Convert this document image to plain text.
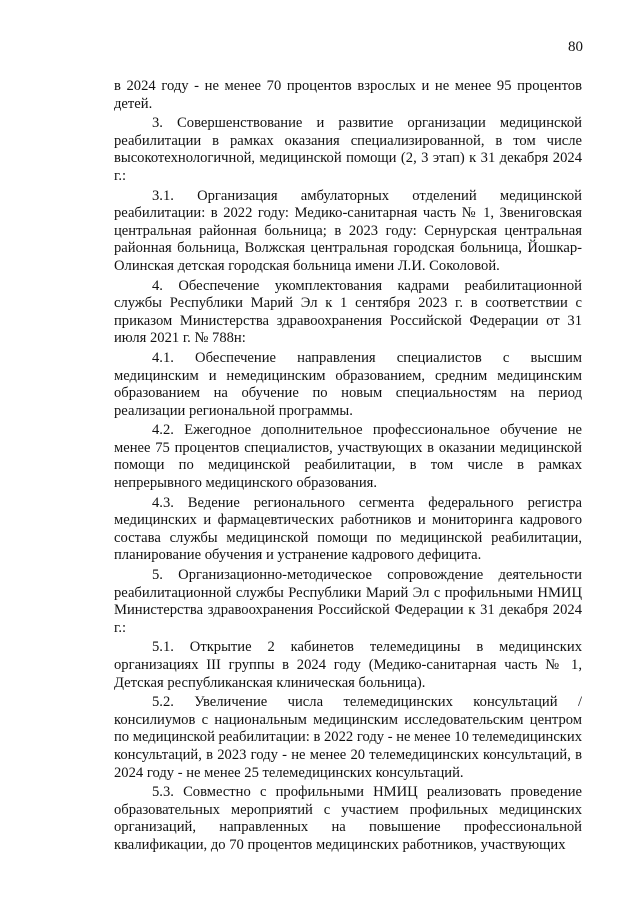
80

в 2024 году - не менее 70 процентов взрослых и не менее 95 процентов детей.

3. Совершенствование и развитие организации медицинской реабилитации в рамках оказания специализированной, в том числе высокотехнологичной, медицинской помощи (2, 3 этап) к 31 декабря 2024 г.:

3.1. Организация амбулаторных отделений медицинской реабилитации: в 2022 году: Медико-санитарная часть № 1, Звениговская центральная районная больница; в 2023 году: Сернурская центральная районная больница, Волжская центральная городская больница, Йошкар-Олинская детская городская больница имени Л.И. Соколовой.

4. Обеспечение укомплектования кадрами реабилитационной службы Республики Марий Эл к 1 сентября 2023 г. в соответствии с приказом Министерства здравоохранения Российской Федерации от 31 июля 2021 г. № 788н:

4.1. Обеспечение направления специалистов с высшим медицинским и немедицинским образованием, средним медицинским образованием на обучение по новым специальностям на период реализации региональной программы.

4.2. Ежегодное дополнительное профессиональное обучение не менее 75 процентов специалистов, участвующих в оказании медицинской помощи по медицинской реабилитации, в том числе в рамках непрерывного медицинского образования.

4.3. Ведение регионального сегмента федерального регистра медицинских и фармацевтических работников и мониторинга кадрового состава службы медицинской помощи по медицинской реабилитации, планирование обучения и устранение кадрового дефицита.

5. Организационно-методическое сопровождение деятельности реабилитационной службы Республики Марий Эл с профильными НМИЦ Министерства здравоохранения Российской Федерации к 31 декабря 2024 г.:

5.1. Открытие 2 кабинетов телемедицины в медицинских организациях III группы в 2024 году (Медико-санитарная часть № 1, Детская республиканская клиническая больница).

5.2. Увеличение числа телемедицинских консультаций / консилиумов с национальным медицинским исследовательским центром по медицинской реабилитации: в 2022 году - не менее 10 телемедицинских консультаций, в 2023 году - не менее 20 телемедицинских консультаций, в 2024 году - не менее 25 телемедицинских консультаций.

5.3. Совместно с профильными НМИЦ реализовать проведение образовательных мероприятий с участием профильных медицинских организаций, направленных на повышение профессиональной квалификации, до 70 процентов медицинских работников, участвующих
